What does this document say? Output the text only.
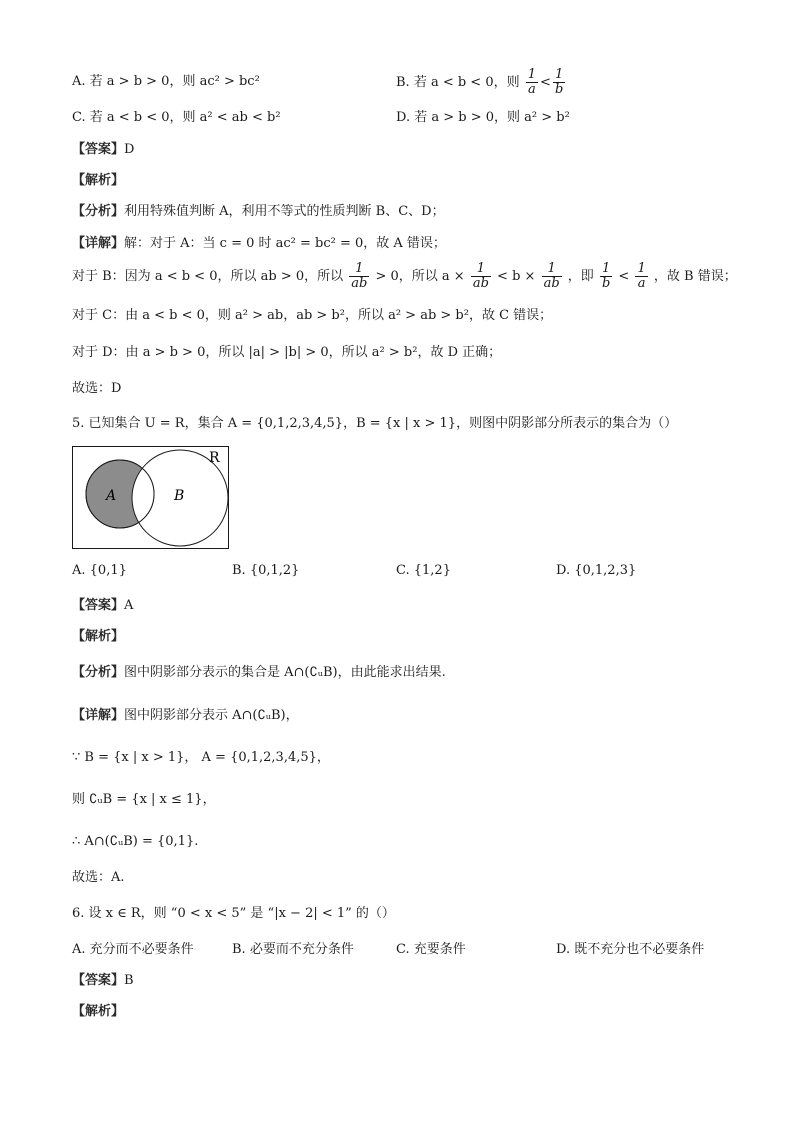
A. 若 a > b > 0，则 ac² > bc²	B. 若 a < b < 0，则 $\frac{1}{a} < \frac{1}{b}$
C. 若 a < b < 0，则 a² < ab < b²	D. 若 a > b > 0，则 a² > b²
【答案】D
【解析】
【分析】利用特殊值判断 A，利用不等式的性质判断 B、C、D；
【详解】解：对于 A：当 c = 0 时 ac² = bc² = 0，故 A 错误；
对于 B：因为 a < b < 0，所以 ab > 0，所以 $\frac{1}{ab} > 0$，所以 $a \times \frac{1}{ab} < b \times \frac{1}{ab}$ ，即 $\frac{1}{b} < \frac{1}{a}$ ，故 B 错误；
对于 C：由 a < b < 0，则 a² > ab，ab > b²，所以 a² > ab > b²，故 C 错误；
对于 D：由 a > b > 0，所以 |a| > |b| > 0，所以 a² > b²，故 D 正确；
故选：D
5. 已知集合 U = R，集合 A = {0,1,2,3,4,5}，B = {x | x > 1}，则图中阴影部分所表示的集合为（）
R
A	B
A. {0,1}	B. {0,1,2}	C. {1,2}	D. {0,1,2,3}
【答案】A
【解析】
【分析】图中阴影部分表示的集合是 A∩(∁ᵤB)，由此能求出结果.
【详解】图中阴影部分表示 A∩(∁ᵤB)，
∵ B = {x | x > 1}， A = {0,1,2,3,4,5}，
则 ∁ᵤB = {x | x ≤ 1}，
∴ A∩(∁ᵤB) = {0,1}.
故选：A.
6. 设 x ∈ R，则 “0 < x < 5” 是 “|x − 2| < 1” 的（）
A. 充分而不必要条件	B. 必要而不充分条件	C. 充要条件	D. 既不充分也不必要条件
【答案】B
【解析】
